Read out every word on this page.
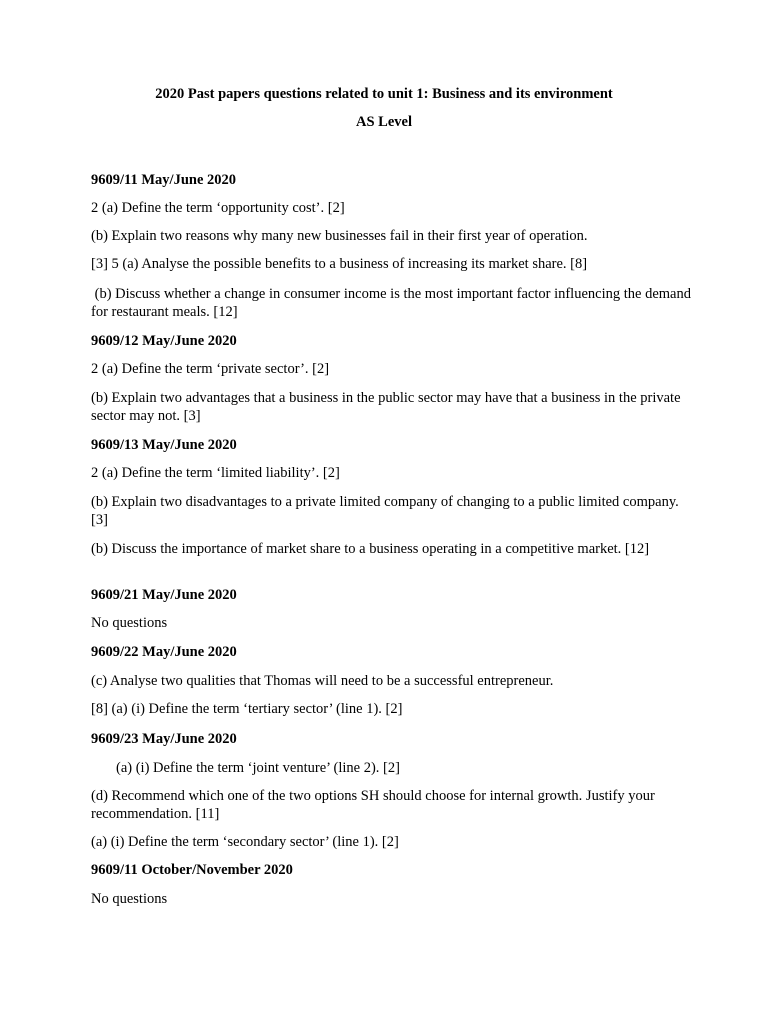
2020 Past papers questions related to unit 1: Business and its environment
AS Level
9609/11 May/June 2020
2 (a) Define the term ‘opportunity cost’. [2]
(b) Explain two reasons why many new businesses fail in their first year of operation.
[3] 5 (a) Analyse the possible benefits to a business of increasing its market share. [8]
(b) Discuss whether a change in consumer income is the most important factor influencing the demand for restaurant meals. [12]
9609/12 May/June 2020
2 (a) Define the term ‘private sector’. [2]
(b) Explain two advantages that a business in the public sector may have that a business in the private sector may not. [3]
9609/13 May/June 2020
2 (a) Define the term ‘limited liability’. [2]
(b) Explain two disadvantages to a private limited company of changing to a public limited company. [3]
(b) Discuss the importance of market share to a business operating in a competitive market. [12]
9609/21 May/June 2020
No questions
9609/22 May/June 2020
(c) Analyse two qualities that Thomas will need to be a successful entrepreneur.
[8] (a) (i) Define the term ‘tertiary sector’ (line 1). [2]
9609/23 May/June 2020
(a) (i) Define the term ‘joint venture’ (line 2). [2]
(d) Recommend which one of the two options SH should choose for internal growth. Justify your recommendation. [11]
(a) (i) Define the term ‘secondary sector’ (line 1). [2]
9609/11 October/November 2020
No questions
